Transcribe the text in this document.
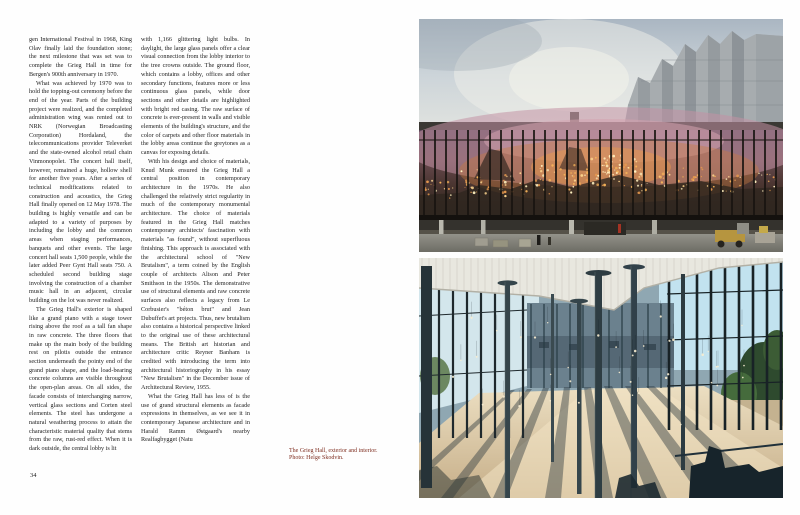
gen International Festival in 1968, King Olav finally laid the foundation stone; the next milestone that was set was to complete the Grieg Hall in time for Bergen's 900th anniversary in 1970.

What was achieved by 1970 was to hold the topping-out ceremony before the end of the year. Parts of the building project were realized, and the completed administration wing was rented out to NRK (Norwegian Broadcasting Corporation) Hordaland, the telecommunications provider Televerket and the state-owned alcohol retail chain Vinmonopolet. The concert hall itself, however, remained a huge, hollow shell for another five years. After a series of technical modifications related to construction and acoustics, the Grieg Hall finally opened on 12 May 1978. The building is highly versatile and can be adapted to a variety of purposes by including the lobby and the common areas when staging performances, banquets and other events. The large concert hall seats 1,500 people, while the later added Peer Gynt Hall seats 750. A scheduled second building stage involving the construction of a chamber music hall in an adjacent, circular building on the lot was never realized.

The Grieg Hall's exterior is shaped like a grand piano with a stage tower rising above the roof as a tall fan shape in raw concrete. The three floors that make up the main body of the building rest on pilotis outside the entrance section underneath the pointy end of the grand piano shape, and the load-bearing concrete columns are visible throughout the open-plan areas. On all sides, the facade consists of interchanging narrow, vertical glass sections and Corten steel elements. The steel has undergone a natural weathering process to attain the characteristic material quality that stems from the raw, rust-red effect. When it is dark outside, the central lobby is lit

with 1,166 glittering light bulbs. In daylight, the large glass panels offer a clear visual connection from the lobby interior to the tree crowns outside. The ground floor, which contains a lobby, offices and other secondary functions, features more or less continuous glass panels, while door sections and other details are highlighted with bright red casing. The raw surface of concrete is ever-present in walls and visible elements of the building's structure, and the color of carpets and other floor materials in the lobby areas continue the greytones as a canvas for exposing details.

With his design and choice of materials, Knud Munk ensured the Grieg Hall a central position in contemporary architecture in the 1970s. He also challenged the relatively strict regularity in much of the contemporary monumental architecture. The choice of materials featured in the Grieg Hall matches contemporary architects' fascination with materials "as found", without superfluous finishing. This approach is associated with the architectural school of "New Brutalism", a term coined by the English couple of architects Alison and Peter Smithson in the 1950s. The demonstrative use of structural elements and raw concrete surfaces also reflects a legacy from Le Corbusier's "béton brut" and Jean Dubuffet's art projects. Thus, new brutalism also contains a historical perspective linked to the original use of these architectural means. The British art historian and architecture critic Reyner Banham is credited with introducing the term into architectural historiography in his essay "New Brutalism" in the December issue of Architectural Review, 1955.

What the Grieg Hall has less of is the use of grand structural elements as facade expressions in themselves, as we see it in contemporary Japanese architecture and in Harald Ramm Østgaard's nearby Realfagbygget (Natu

The Grieg Hall, exterior and interior.
Photo: Helge Skodvin.
34
